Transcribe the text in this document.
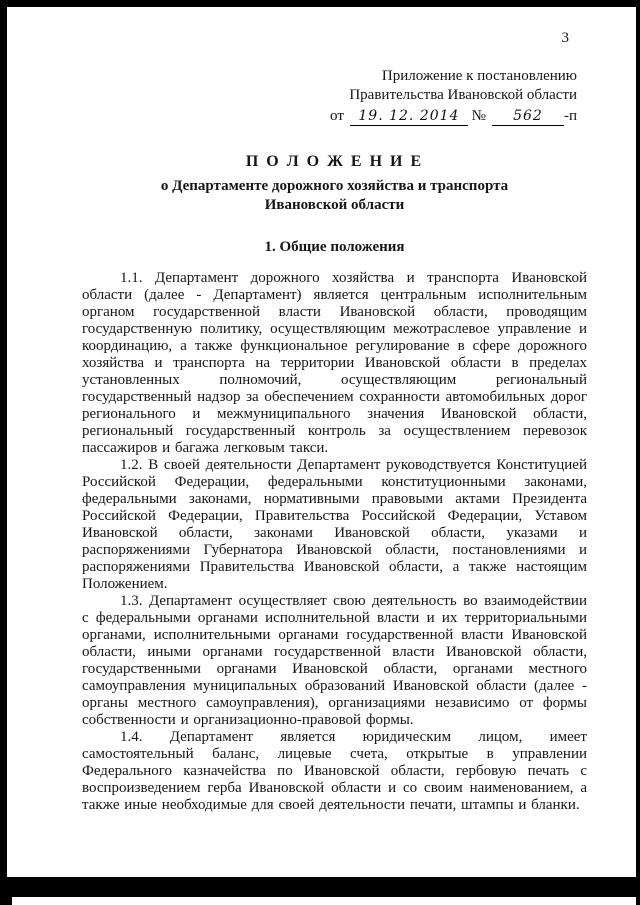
3
Приложение к постановлению
Правительства Ивановской области
от 19. 12. 2014 № 562 -п
П О Л О Ж Е Н И Е
о Департаменте дорожного хозяйства и транспорта
Ивановской области
1. Общие положения

1.1. Департамент дорожного хозяйства и транспорта Ивановской области (далее - Департамент) является центральным исполнительным органом государственной власти Ивановской области, проводящим государственную политику, осуществляющим межотраслевое управление и координацию, а также функциональное регулирование в сфере дорожного хозяйства и транспорта на территории Ивановской области в пределах установленных полномочий, осуществляющим региональный государственный надзор за обеспечением сохранности автомобильных дорог регионального и межмуниципального значения Ивановской области, региональный государственный контроль за осуществлением перевозок пассажиров и багажа легковым такси.

1.2. В своей деятельности Департамент руководствуется Конституцией Российской Федерации, федеральными конституционными законами, федеральными законами, нормативными правовыми актами Президента Российской Федерации, Правительства Российской Федерации, Уставом Ивановской области, законами Ивановской области, указами и распоряжениями Губернатора Ивановской области, постановлениями и распоряжениями Правительства Ивановской области, а также настоящим Положением.

1.3. Департамент осуществляет свою деятельность во взаимодействии с федеральными органами исполнительной власти и их территориальными органами, исполнительными органами государственной власти Ивановской области, иными органами государственной власти Ивановской области, государственными органами Ивановской области, органами местного самоуправления муниципальных образований Ивановской области (далее - органы местного самоуправления), организациями независимо от формы собственности и организационно-правовой формы.

1.4. Департамент является юридическим лицом, имеет самостоятельный баланс, лицевые счета, открытые в управлении Федерального казначейства по Ивановской области, гербовую печать с воспроизведением герба Ивановской области и со своим наименованием, а также иные необходимые для своей деятельности печати, штампы и бланки.
